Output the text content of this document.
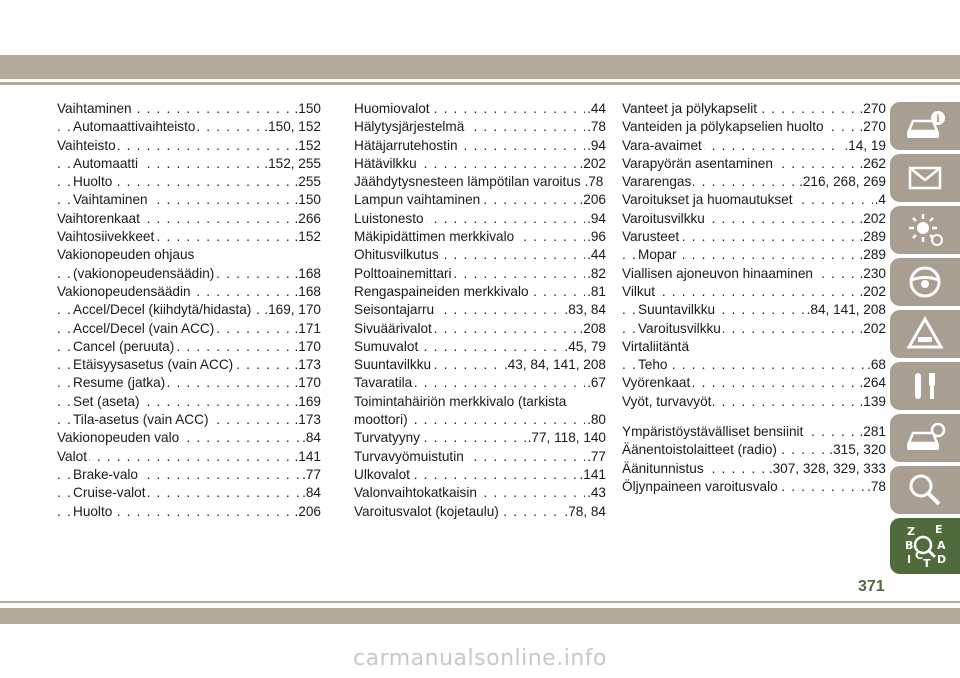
Vaihtaminen	.150
. . .
Automaattivaihteisto	.150, 152
. . .
Vaihteisto	.152
. . .
Automaatti	.152, 255
. . .
Huolto	.255
. . .
Vaihtaminen	.150
. . .
Vaihtorenkaat	.266
. . .
Vaihtosiivekkeet	.152
. . .
Vakionopeuden ohjaus
(vakionopeudensäädin)	.168
. . .
Vakionopeudensäädin	.168
. . .
Accel/Decel (kiihdytä/hidasta) .169, 170
. . .
Accel/Decel (vain ACC)	.171
. . .
Cancel (peruuta)	.170
. . .
Etäisyysasetus (vain ACC)	.173
. . .
Resume (jatka)	.170
. . .
Set (aseta)	.169
. . .
Tila-asetus (vain ACC)	.173
. . .
Vakionopeuden valo	.84
. . .
Valot	.141
. . .
Brake-valo	.77
. . .
Cruise-valot	.84
. . .
Huolto	.206
. . .
Huomiovalot	.44
. . .
Hälytysjärjestelmä	.78
. . .
Hätäjarrutehostin	.94
. . .
Hätävilkku	.202
. . .
Jäähdytysnesteen lämpötilan varoitus .78
Lampun vaihtaminen	.206
. . .
Luistonesto	.94
. . .
Mäkipidättimen merkkivalo	.96
. . .
Ohitusvilkutus	.44
. . .
Polttoainemittari	.82
. . .
Rengaspaineiden merkkivalo	.81
. . .
Seisontajarru	.83, 84
. . .
Sivuäärivalot	.208
. . .
Sumuvalot	.45, 79
. . .
Suuntavilkku	.43, 84, 141, 208
. . .
Tavaratila	.67
. . .
Toimintahäiriön merkkivalo (tarkista
moottori)	.80
. . .
Turvatyyny	.77, 118, 140
. . .
Turvavyömuistutin	.77
. . .
Ulkovalot	.141
. . .
Valonvaihtokatkaisin	.43
. . .
Varoitusvalot (kojetaulu)	.78, 84
. . .
Vanteet ja pölykapselit	.270
. . .
Vanteiden ja pölykapselien huolto	.270
. . .
Vara-avaimet	.14, 19
. . .
Varapyörän asentaminen	.262
. . .
Vararengas	.216, 268, 269
. . .
Varoitukset ja huomautukset	.4
. . .
Varoitusvilkku	.202
. . .
Varusteet	.289
. . .
Mopar	.289
. . .
Viallisen ajoneuvon hinaaminen	.230
. . .
Vilkut	.202
. . .
Suuntavilkku	.84, 141, 208
. . .
Varoitusvilkku	.202
. . .
Virtaliitäntä
Teho	.68
. . .
Vyörenkaat	.264
. . .
Vyöt, turvavyöt	.139
. . .
Ympäristöystävälliset bensiinit	.281
. . .
Äänentoistolaitteet (radio)	.315, 320
. . .
Äänitunnistus	.307, 328, 329, 333
. . .
Öljynpaineen varoitusvalo	.78
. . .
i
Z E
B A
I C
T D
371
carmanualsonline.info
